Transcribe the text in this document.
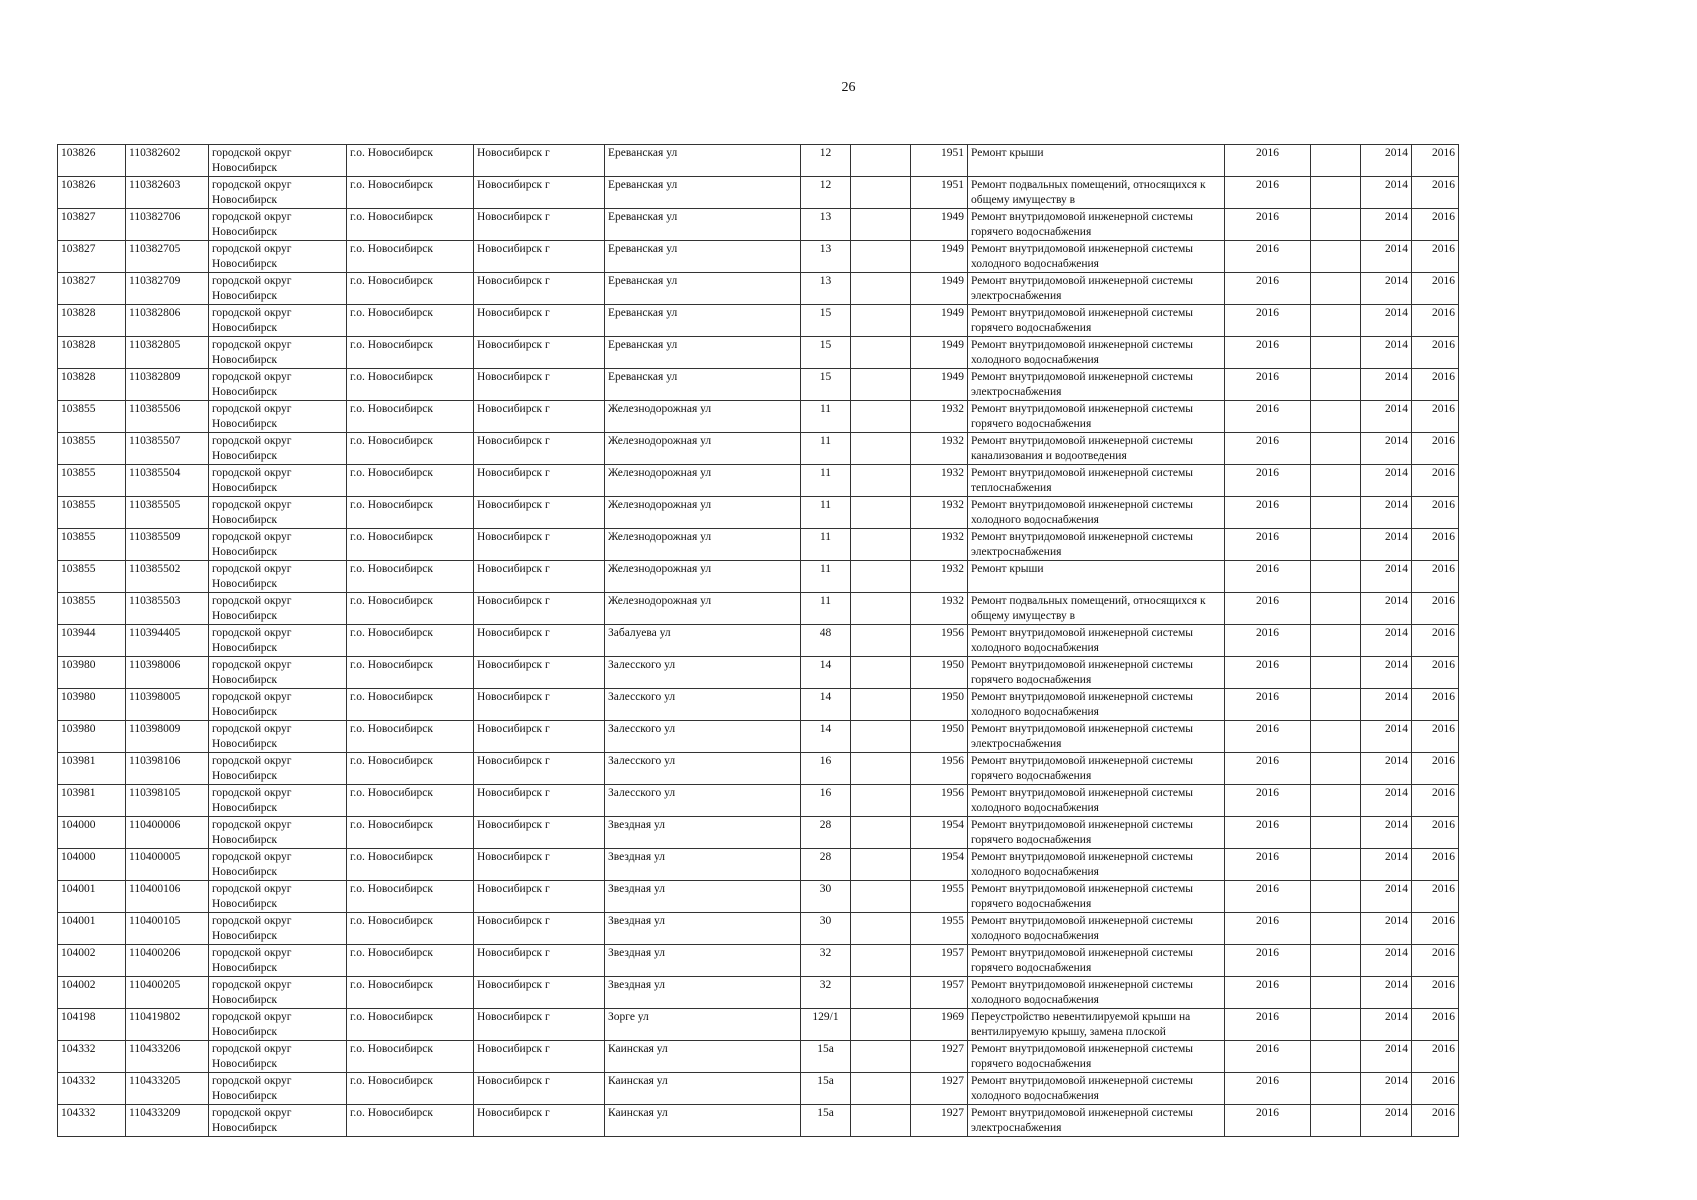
26
103826	110382602	городской округ Новосибирск	г.о. Новосибирск	Новосибирск г	Ереванская ул	12		1951	Ремонт крыши	2016		2014	2016

103826	110382603	городской округ Новосибирск	г.о. Новосибирск	Новосибирск г	Ереванская ул	12		1951	Ремонт подвальных помещений, относящихся к общему имуществу в	2016		2014	2016

103827	110382706	городской округ Новосибирск	г.о. Новосибирск	Новосибирск г	Ереванская ул	13		1949	Ремонт внутридомовой инженерной системы горячего водоснабжения	2016		2014	2016

103827	110382705	городской округ Новосибирск	г.о. Новосибирск	Новосибирск г	Ереванская ул	13		1949	Ремонт внутридомовой инженерной системы холодного водоснабжения	2016		2014	2016

103827	110382709	городской округ Новосибирск	г.о. Новосибирск	Новосибирск г	Ереванская ул	13		1949	Ремонт внутридомовой инженерной системы электроснабжения	2016		2014	2016

103828	110382806	городской округ Новосибирск	г.о. Новосибирск	Новосибирск г	Ереванская ул	15		1949	Ремонт внутридомовой инженерной системы горячего водоснабжения	2016		2014	2016

103828	110382805	городской округ Новосибирск	г.о. Новосибирск	Новосибирск г	Ереванская ул	15		1949	Ремонт внутридомовой инженерной системы холодного водоснабжения	2016		2014	2016

103828	110382809	городской округ Новосибирск	г.о. Новосибирск	Новосибирск г	Ереванская ул	15		1949	Ремонт внутридомовой инженерной системы электроснабжения	2016		2014	2016

103855	110385506	городской округ Новосибирск	г.о. Новосибирск	Новосибирск г	Железнодорожная ул	11		1932	Ремонт внутридомовой инженерной системы горячего водоснабжения	2016		2014	2016

103855	110385507	городской округ Новосибирск	г.о. Новосибирск	Новосибирск г	Железнодорожная ул	11		1932	Ремонт внутридомовой инженерной системы канализования и водоотведения	2016		2014	2016

103855	110385504	городской округ Новосибирск	г.о. Новосибирск	Новосибирск г	Железнодорожная ул	11		1932	Ремонт внутридомовой инженерной системы теплоснабжения	2016		2014	2016

103855	110385505	городской округ Новосибирск	г.о. Новосибирск	Новосибирск г	Железнодорожная ул	11		1932	Ремонт внутридомовой инженерной системы холодного водоснабжения	2016		2014	2016

103855	110385509	городской округ Новосибирск	г.о. Новосибирск	Новосибирск г	Железнодорожная ул	11		1932	Ремонт внутридомовой инженерной системы электроснабжения	2016		2014	2016

103855	110385502	городской округ Новосибирск	г.о. Новосибирск	Новосибирск г	Железнодорожная ул	11		1932	Ремонт крыши	2016		2014	2016

103855	110385503	городской округ Новосибирск	г.о. Новосибирск	Новосибирск г	Железнодорожная ул	11		1932	Ремонт подвальных помещений, относящихся к общему имуществу в	2016		2014	2016

103944	110394405	городской округ Новосибирск	г.о. Новосибирск	Новосибирск г	Забалуева ул	48		1956	Ремонт внутридомовой инженерной системы холодного водоснабжения	2016		2014	2016

103980	110398006	городской округ Новосибирск	г.о. Новосибирск	Новосибирск г	Залесского ул	14		1950	Ремонт внутридомовой инженерной системы горячего водоснабжения	2016		2014	2016

103980	110398005	городской округ Новосибирск	г.о. Новосибирск	Новосибирск г	Залесского ул	14		1950	Ремонт внутридомовой инженерной системы холодного водоснабжения	2016		2014	2016

103980	110398009	городской округ Новосибирск	г.о. Новосибирск	Новосибирск г	Залесского ул	14		1950	Ремонт внутридомовой инженерной системы электроснабжения	2016		2014	2016

103981	110398106	городской округ Новосибирск	г.о. Новосибирск	Новосибирск г	Залесского ул	16		1956	Ремонт внутридомовой инженерной системы горячего водоснабжения	2016		2014	2016

103981	110398105	городской округ Новосибирск	г.о. Новосибирск	Новосибирск г	Залесского ул	16		1956	Ремонт внутридомовой инженерной системы холодного водоснабжения	2016		2014	2016

104000	110400006	городской округ Новосибирск	г.о. Новосибирск	Новосибирск г	Звездная ул	28		1954	Ремонт внутридомовой инженерной системы горячего водоснабжения	2016		2014	2016

104000	110400005	городской округ Новосибирск	г.о. Новосибирск	Новосибирск г	Звездная ул	28		1954	Ремонт внутридомовой инженерной системы холодного водоснабжения	2016		2014	2016

104001	110400106	городской округ Новосибирск	г.о. Новосибирск	Новосибирск г	Звездная ул	30		1955	Ремонт внутридомовой инженерной системы горячего водоснабжения	2016		2014	2016

104001	110400105	городской округ Новосибирск	г.о. Новосибирск	Новосибирск г	Звездная ул	30		1955	Ремонт внутридомовой инженерной системы холодного водоснабжения	2016		2014	2016

104002	110400206	городской округ Новосибирск	г.о. Новосибирск	Новосибирск г	Звездная ул	32		1957	Ремонт внутридомовой инженерной системы горячего водоснабжения	2016		2014	2016

104002	110400205	городской округ Новосибирск	г.о. Новосибирск	Новосибирск г	Звездная ул	32		1957	Ремонт внутридомовой инженерной системы холодного водоснабжения	2016		2014	2016

104198	110419802	городской округ Новосибирск	г.о. Новосибирск	Новосибирск г	Зорге ул	129/1		1969	Переустройство невентилируемой крыши на вентилируемую крышу, замена плоской	2016		2014	2016

104332	110433206	городской округ Новосибирск	г.о. Новосибирск	Новосибирск г	Каинская ул	15а		1927	Ремонт внутридомовой инженерной системы горячего водоснабжения	2016		2014	2016

104332	110433205	городской округ Новосибирск	г.о. Новосибирск	Новосибирск г	Каинская ул	15а		1927	Ремонт внутридомовой инженерной системы холодного водоснабжения	2016		2014	2016

104332	110433209	городской округ Новосибирск	г.о. Новосибирск	Новосибирск г	Каинская ул	15а		1927	Ремонт внутридомовой инженерной системы электроснабжения	2016		2014	2016
